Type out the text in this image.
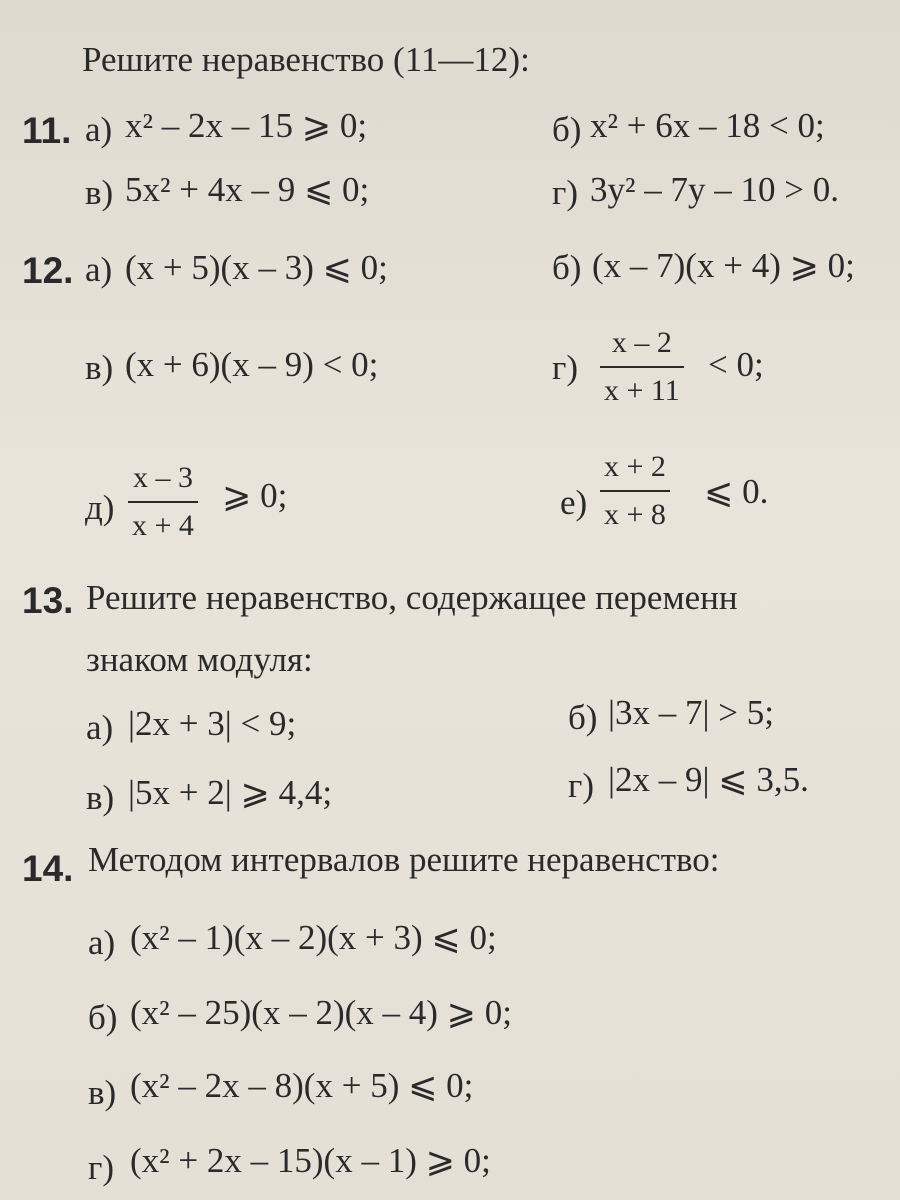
Решите неравенство (11—12):
11. а) x² – 2x – 15 ⩾ 0;	б) x² + 6x – 18 < 0;
в) 5x² + 4x – 9 ⩽ 0;	г) 3y² – 7y – 10 > 0.
12. а) (x + 5)(x – 3) ⩽ 0;	б) (x – 7)(x + 4) ⩾ 0;
в) (x + 6)(x – 9) < 0;	г)
x – 2
x + 11
< 0;
д)
x – 3
x + 4
⩾ 0;	е)
x + 2
x + 8
⩽ 0.
13. Решите неравенство, содержащее переменн
знаком модуля:
а) |2x + 3| < 9;	б) |3x – 7| > 5;
в) |5x + 2| ⩾ 4,4;	г) |2x – 9| ⩽ 3,5.
14. Методом интервалов решите неравенство:
а) (x² – 1)(x – 2)(x + 3) ⩽ 0;
б) (x² – 25)(x – 2)(x – 4) ⩾ 0;
в) (x² – 2x – 8)(x + 5) ⩽ 0;
г) (x² + 2x – 15)(x – 1) ⩾ 0;
